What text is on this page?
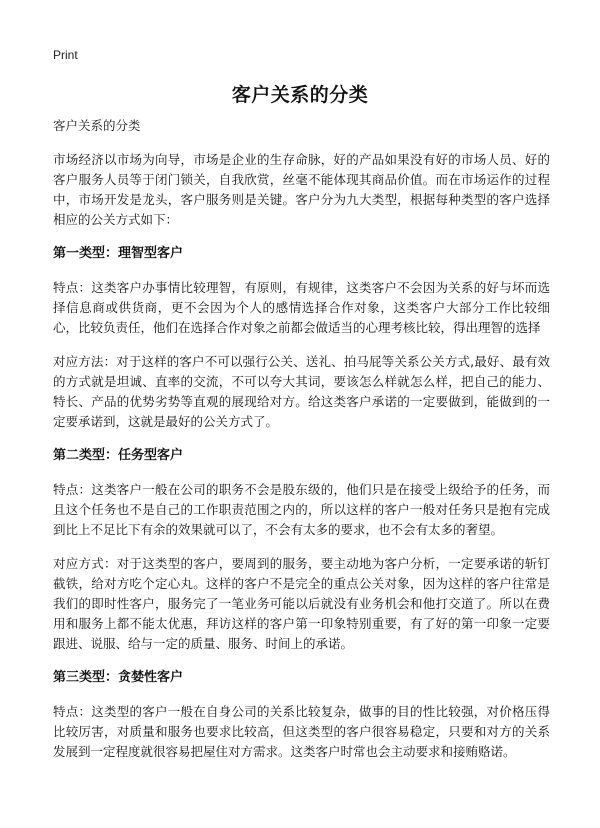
Print
客户关系的分类

客户关系的分类

市场经济以市场为向导，市场是企业的生存命脉，好的产品如果没有好的市场人员、好的客户服务人员等于闭门锁关，自我欣赏，丝毫不能体现其商品价值。而在市场运作的过程中，市场开发是龙头，客户服务则是关键。客户分为九大类型，根据每种类型的客户选择相应的公关方式如下：

第一类型：理智型客户

特点：这类客户办事情比较理智，有原则，有规律，这类客户不会因为关系的好与坏而选择信息商或供货商，更不会因为个人的感情选择合作对象，这类客户大部分工作比较细心，比较负责任，他们在选择合作对象之前都会做适当的心理考核比较，得出理智的选择

对应方法：对于这样的客户不可以强行公关、送礼、拍马屁等关系公关方式,最好、最有效的方式就是坦诚、直率的交流，不可以夸大其词，要该怎么样就怎么样，把自己的能力、特长、产品的优势劣势等直观的展现给对方。给这类客户承诺的一定要做到，能做到的一定要承诺到，这就是最好的公关方式了。

第二类型：任务型客户

特点：这类客户一般在公司的职务不会是股东级的，他们只是在接受上级给予的任务，而且这个任务也不是自己的工作职责范围之内的，所以这样的客户一般对任务只是抱有完成到比上不足比下有余的效果就可以了，不会有太多的要求，也不会有太多的奢望。

对应方式：对于这类型的客户，要周到的服务，要主动地为客户分析，一定要承诺的斩钉截铁，给对方吃个定心丸。这样的客户不是完全的重点公关对象，因为这样的客户往常是我们的即时性客户，服务完了一笔业务可能以后就没有业务机会和他打交道了。所以在费用和服务上都不能太优惠，拜访这样的客户第一印象特别重要，有了好的第一印象一定要跟进、说服、给与一定的质量、服务、时间上的承诺。

第三类型：贪婪性客户

特点：这类型的客户一般在自身公司的关系比较复杂，做事的目的性比较强，对价格压得比较厉害，对质量和服务也要求比较高，但这类型的客户很容易稳定，只要和对方的关系发展到一定程度就很容易把屋住对方需求。这类客户时常也会主动要求和接贿赂诺。
